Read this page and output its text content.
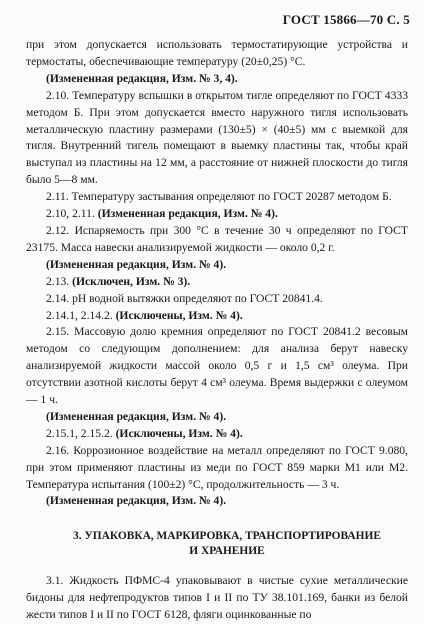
ГОСТ 15866—70 С. 5

при этом допускается использовать термостатирующие устройства и термостаты, обеспечивающие температуру (20±0,25) °С.

(Измененная редакция, Изм. № 3, 4).

2.10. Температуру вспышки в открытом тигле определяют по ГОСТ 4333 методом Б. При этом допускается вместо наружного тигля использовать металлическую пластину размерами (130±5) × (40±5) мм с выемкой для тигля. Внутренний тигель помещают в выемку пластины так, чтобы край выступал из пластины на 12 мм, а расстояние от нижней плоскости до тигля было 5—8 мм.

2.11. Температуру застывания определяют по ГОСТ 20287 методом Б.

2.10, 2.11. (Измененная редакция, Изм. № 4).

2.12. Испаряемость при 300 °С в течение 30 ч определяют по ГОСТ 23175. Масса навески анализируемой жидкости — около 0,2 г.

(Измененная редакция, Изм. № 4).

2.13. (Исключен, Изм. № 3).

2.14. pH водной вытяжки определяют по ГОСТ 20841.4.

2.14.1, 2.14.2. (Исключены, Изм. № 4).

2.15. Массовую долю кремния определяют по ГОСТ 20841.2 весовым методом со следующим дополнением: для анализа берут навеску анализируемой жидкости массой около 0,5 г и 1,5 см³ олеума. При отсутствии азотной кислоты берут 4 см³ олеума. Время выдержки с олеумом — 1 ч.

(Измененная редакция, Изм. № 4).

2.15.1, 2.15.2. (Исключены, Изм. № 4).

2.16. Коррозионное воздействие на металл определяют по ГОСТ 9.080, при этом применяют пластины из меди по ГОСТ 859 марки М1 или М2. Температура испытания (100±2) °С, продолжительность — 3 ч.

(Измененная редакция, Изм. № 4).

3. УПАКОВКА, МАРКИРОВКА, ТРАНСПОРТИРОВАНИЕ
И ХРАНЕНИЕ

3.1. Жидкость ПФМС-4 упаковывают в чистые сухие металлические бидоны для нефтепродуктов типов I и II по ТУ 38.101.169, банки из белой жести типов I и II по ГОСТ 6128, фляги оцинкованные по
